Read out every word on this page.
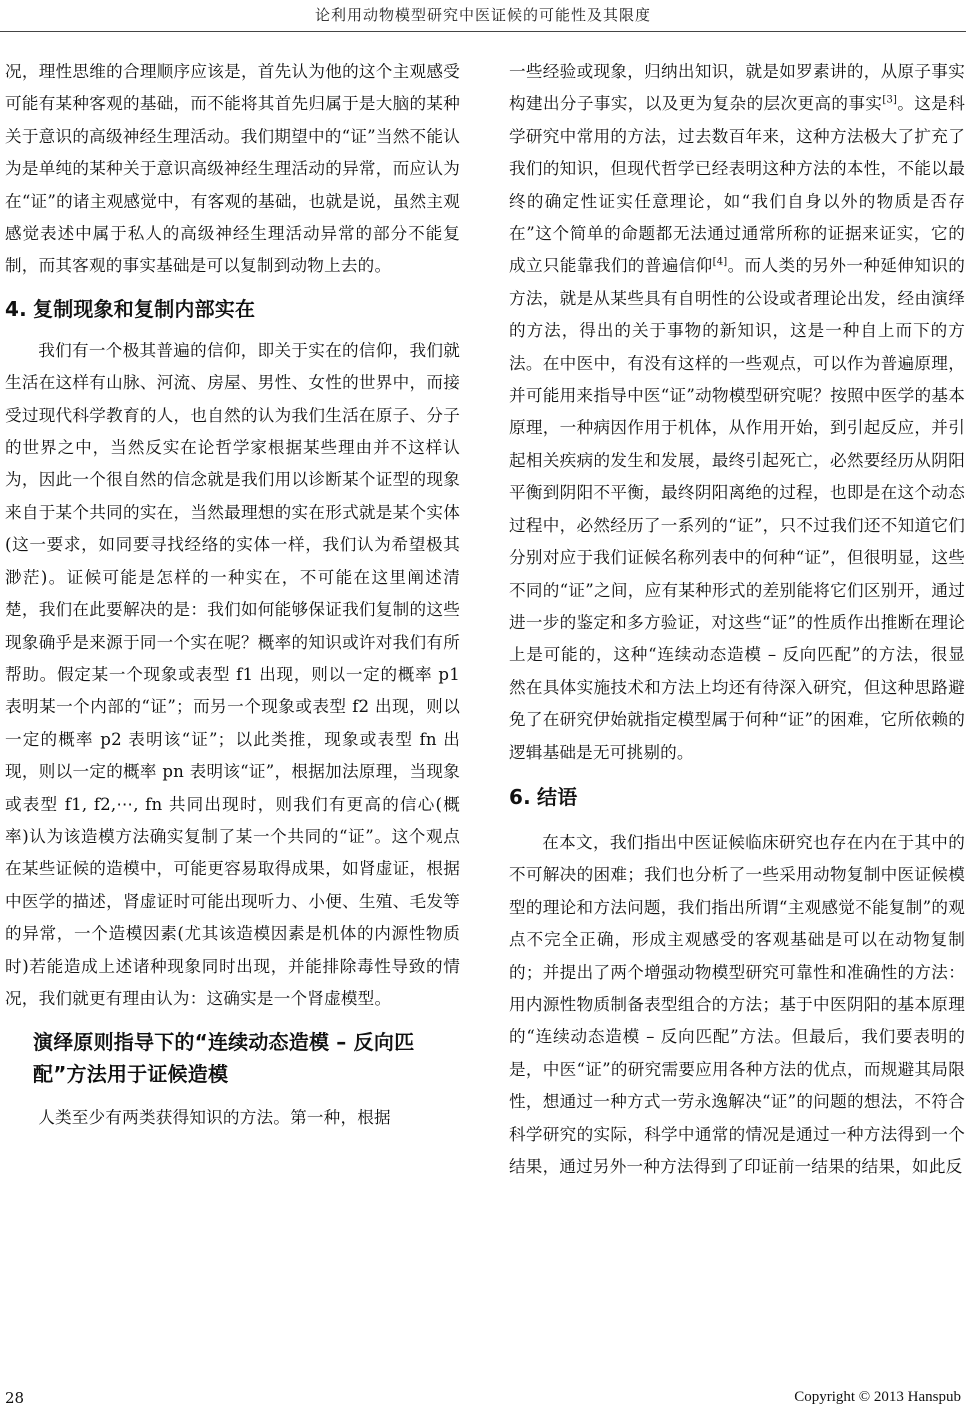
论利用动物模型研究中医证候的可能性及其限度

况，理性思维的合理顺序应该是，首先认为他的这个主观感受可能有某种客观的基础，而不能将其首先归属于是大脑的某种关于意识的高级神经生理活动。我们期望中的“证”当然不能认为是单纯的某种关于意识高级神经生理活动的异常，而应认为在“证”的诸主观感觉中，有客观的基础，也就是说，虽然主观感觉表述中属于私人的高级神经生理活动异常的部分不能复制，而其客观的事实基础是可以复制到动物上去的。

4. 复制现象和复制内部实在

我们有一个极其普遍的信仰，即关于实在的信仰，我们就生活在这样有山脉、河流、房屋、男性、女性的世界中，而接受过现代科学教育的人，也自然的认为我们生活在原子、分子的世界之中，当然反实在论哲学家根据某些理由并不这样认为，因此一个很自然的信念就是我们用以诊断某个证型的现象来自于某个共同的实在，当然最理想的实在形式就是某个实体(这一要求，如同要寻找经络的实体一样，我们认为希望极其渺茫)。证候可能是怎样的一种实在，不可能在这里阐述清楚，我们在此要解决的是：我们如何能够保证我们复制的这些现象确乎是来源于同一个实在呢？概率的知识或许对我们有所帮助。假定某一个现象或表型 f1 出现，则以一定的概率 p1 表明某一个内部的“证”；而另一个现象或表型 f2 出现，则以一定的概率 p2 表明该“证”；以此类推，现象或表型 fn 出现，则以一定的概率 pn 表明该“证”，根据加法原理，当现象或表型 f1, f2,⋯, fn 共同出现时，则我们有更高的信心(概率)认为该造模方法确实复制了某一个共同的“证”。这个观点在某些证候的造模中，可能更容易取得成果，如肾虚证，根据中医学的描述，肾虚证时可能出现听力、小便、生殖、毛发等的异常，一个造模因素(尤其该造模因素是机体的内源性物质时)若能造成上述诸种现象同时出现，并能排除毒性导致的情况，我们就更有理由认为：这确实是一个肾虚模型。

演绎原则指导下的“连续动态造模 – 反向匹配”方法用于证候造模

人类至少有两类获得知识的方法。第一种，根据

一些经验或现象，归纳出知识，就是如罗素讲的，从原子事实构建出分子事实，以及更为复杂的层次更高的事实[3]。这是科学研究中常用的方法，过去数百年来，这种方法极大了扩充了我们的知识，但现代哲学已经表明这种方法的本性，不能以最终的确定性证实任意理论，如“我们自身以外的物质是否存在”这个简单的命题都无法通过通常所称的证据来证实，它的成立只能靠我们的普遍信仰[4]。而人类的另外一种延伸知识的方法，就是从某些具有自明性的公设或者理论出发，经由演绎的方法，得出的关于事物的新知识，这是一种自上而下的方法。在中医中，有没有这样的一些观点，可以作为普遍原理，并可能用来指导中医“证”动物模型研究呢？按照中医学的基本原理，一种病因作用于机体，从作用开始，到引起反应，并引起相关疾病的发生和发展，最终引起死亡，必然要经历从阴阳平衡到阴阳不平衡，最终阴阳离绝的过程，也即是在这个动态过程中，必然经历了一系列的“证”，只不过我们还不知道它们分别对应于我们证候名称列表中的何种“证”，但很明显，这些不同的“证”之间，应有某种形式的差别能将它们区别开，通过进一步的鉴定和多方验证，对这些“证”的性质作出推断在理论上是可能的，这种“连续动态造模 – 反向匹配”的方法，很显然在具体实施技术和方法上均还有待深入研究，但这种思路避免了在研究伊始就指定模型属于何种“证”的困难，它所依赖的逻辑基础是无可挑剔的。

6. 结语

在本文，我们指出中医证候临床研究也存在内在于其中的不可解决的困难；我们也分析了一些采用动物复制中医证候模型的理论和方法问题，我们指出所谓“主观感觉不能复制”的观点不完全正确，形成主观感受的客观基础是可以在动物复制的；并提出了两个增强动物模型研究可靠性和准确性的方法：用内源性物质制备表型组合的方法；基于中医阴阳的基本原理的“连续动态造模 – 反向匹配”方法。但最后，我们要表明的是，中医“证”的研究需要应用各种方法的优点，而规避其局限性，想通过一种方式一劳永逸解决“证”的问题的想法，不符合科学研究的实际，科学中通常的情况是通过一种方法得到一个结果，通过另外一种方法得到了印证前一结果的结果，如此反

28	Copyright © 2013 Hanspub
